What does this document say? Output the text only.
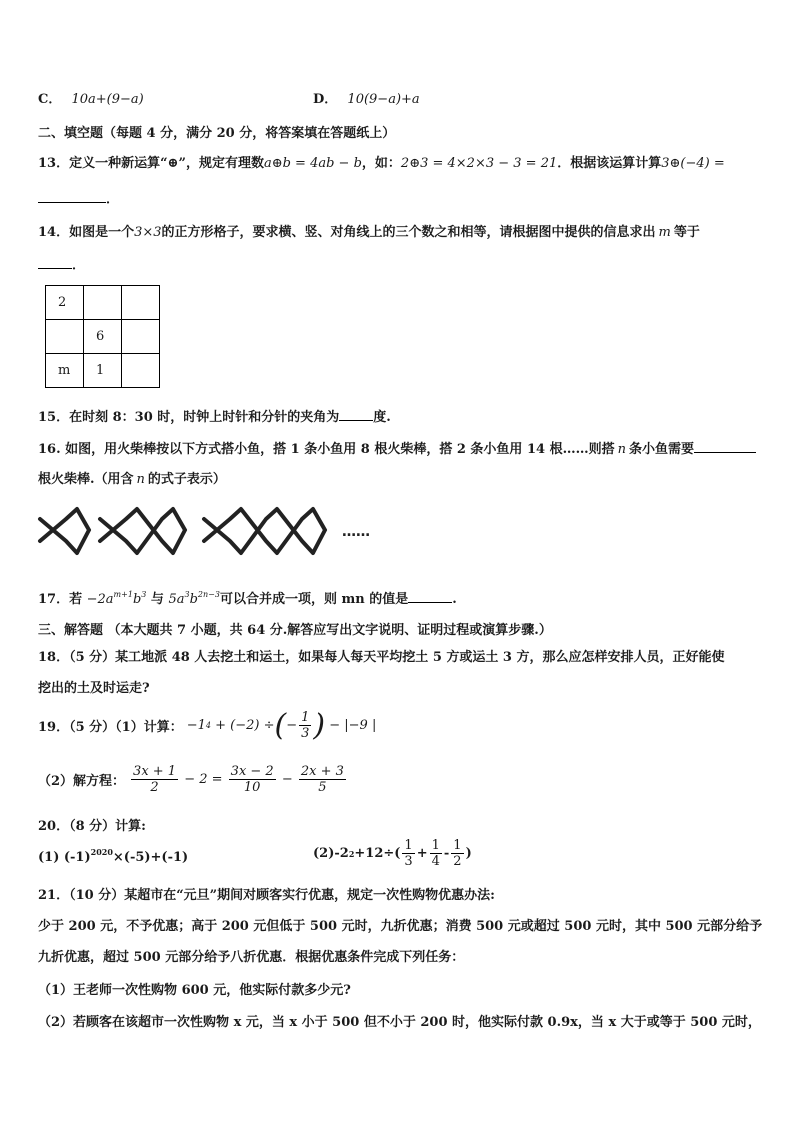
C． 10a+(9−a)	D． 10(9−a)+a
二、填空题（每题 4 分，满分 20 分，将答案填在答题纸上）
13．定义一种新运算“⊕”，规定有理数a⊕b = 4ab − b，如：2⊕3 = 4×2×3 − 3 = 21．根据该运算计算3⊕(−4) =
．
14．如图是一个3×3的正方形格子，要求横、竖、对角线上的三个数之和相等，请根据图中提供的信息求出 m 等于
．
2		
	6	
m	1	
15．在时刻 8：30 时，时钟上时针和分针的夹角为	度.
16. 如图，用火柴棒按以下方式搭小鱼，搭 1 条小鱼用 8 根火柴棒，搭 2 条小鱼用 14 根……则搭 n 条小鱼需要
根火柴棒.（用含 n 的式子表示）
……
17．若 $-2a^{m+1}b^3$ 与 $5a^3b^{2n-3}$可以合并成一项，则 mn 的值是	.
三、解答题 （本大题共 7 小题，共 64 分.解答应写出文字说明、证明过程或演算步骤.）
18．（5 分）某工地派 48 人去挖土和运土，如果每人每天平均挖土 5 方或运土 3 方，那么应怎样安排人员，正好能使
挖出的土及时运走?
19．（5 分）（1）计算： −1 4 + (−2) ÷ ( − $\frac{1}{3}$ ) − |−9 |
（2）解方程： $\frac{3x + 1}{2} - 2 = \frac{3x - 2}{10} - \frac{2x + 3}{5}$
20．（8 分）计算:
(1) $(-1)^{2020}\times(-5)+(-1)$	(2) -2 $2 +12\div( \frac{1}{3} + \frac{1}{4} - \frac{1}{2}$ )
21．（10 分）某超市在“元旦”期间对顾客实行优惠，规定一次性购物优惠办法:
少于 200 元，不予优惠；高于 200 元但低于 500 元时，九折优惠；消费 500 元或超过 500 元时，其中 500 元部分给予
九折优惠，超过 500 元部分给予八折优惠．根据优惠条件完成下列任务：
（1）王老师一次性购物 600 元，他实际付款多少元?
（2）若顾客在该超市一次性购物 x 元，当 x 小于 500 但不小于 200 时，他实际付款 0.9x，当 x 大于或等于 500 元时，
